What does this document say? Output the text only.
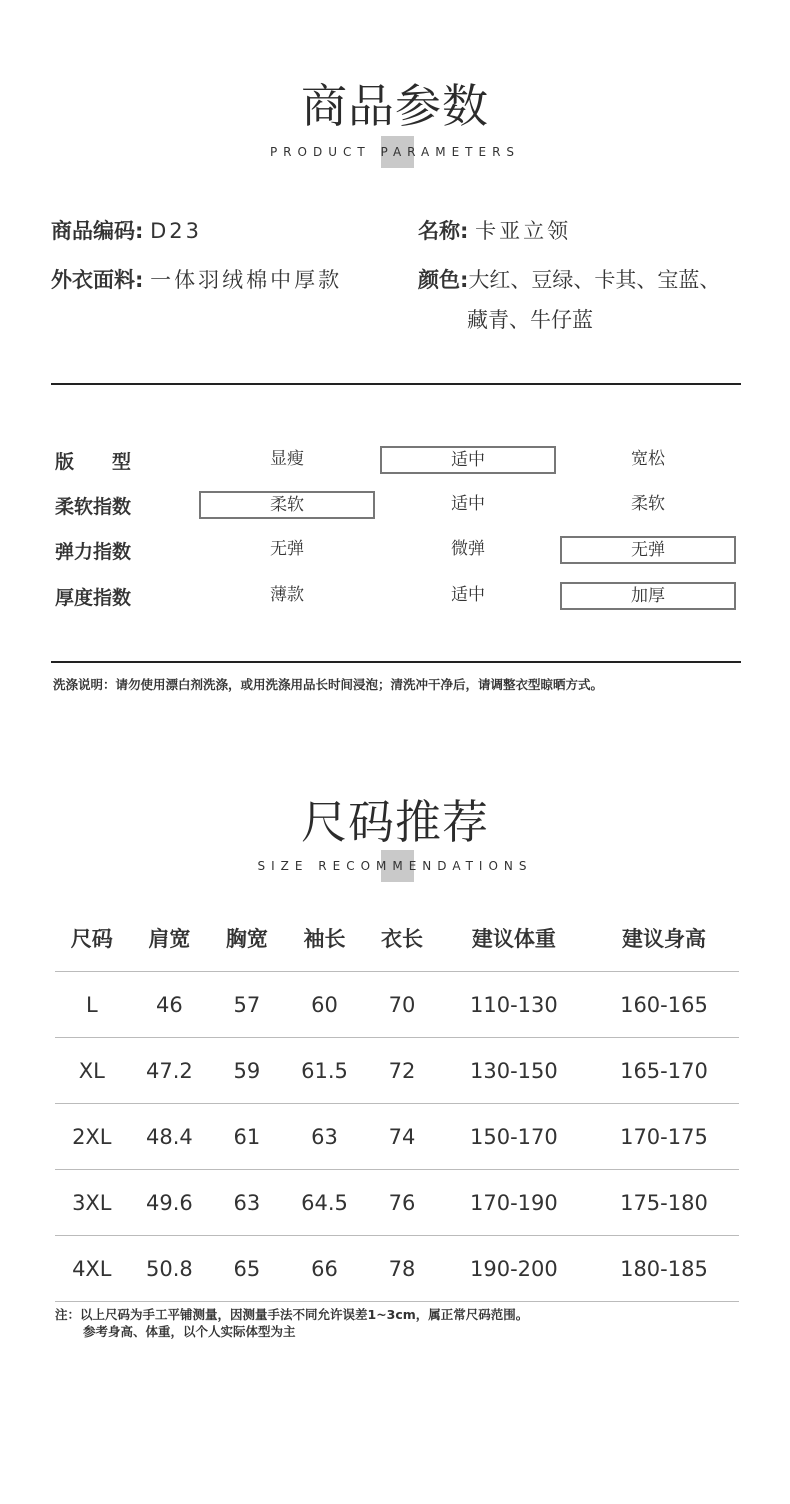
商品参数
PRODUCT PARAMETERS
商品编码: D23	名称: 卡亚立领
外衣面料: 一体羽绒棉中厚款	颜色:大红、豆绿、卡其、宝蓝、
藏青、牛仔蓝
版　　型	显瘦	适中	宽松
柔软指数	柔软	适中	柔软
弹力指数	无弹	微弹	无弹
厚度指数	薄款	适中	加厚
洗涤说明：请勿使用漂白剂洗涤，或用洗涤用品长时间浸泡；清洗冲干净后，请调整衣型晾晒方式。
尺码推荐
SIZE RECOMMENDATIONS
尺码	肩宽	胸宽	袖长	衣长	建议体重	建议身高
L	46	57	60	70	110-130	160-165
XL	47.2	59	61.5	72	130-150	165-170
2XL	48.4	61	63	74	150-170	170-175
3XL	49.6	63	64.5	76	170-190	175-180
4XL	50.8	65	66	78	190-200	180-185
注：以上尺码为手工平铺测量，因测量手法不同允许误差1~3cm，属正常尺码范围。
参考身高、体重，以个人实际体型为主
